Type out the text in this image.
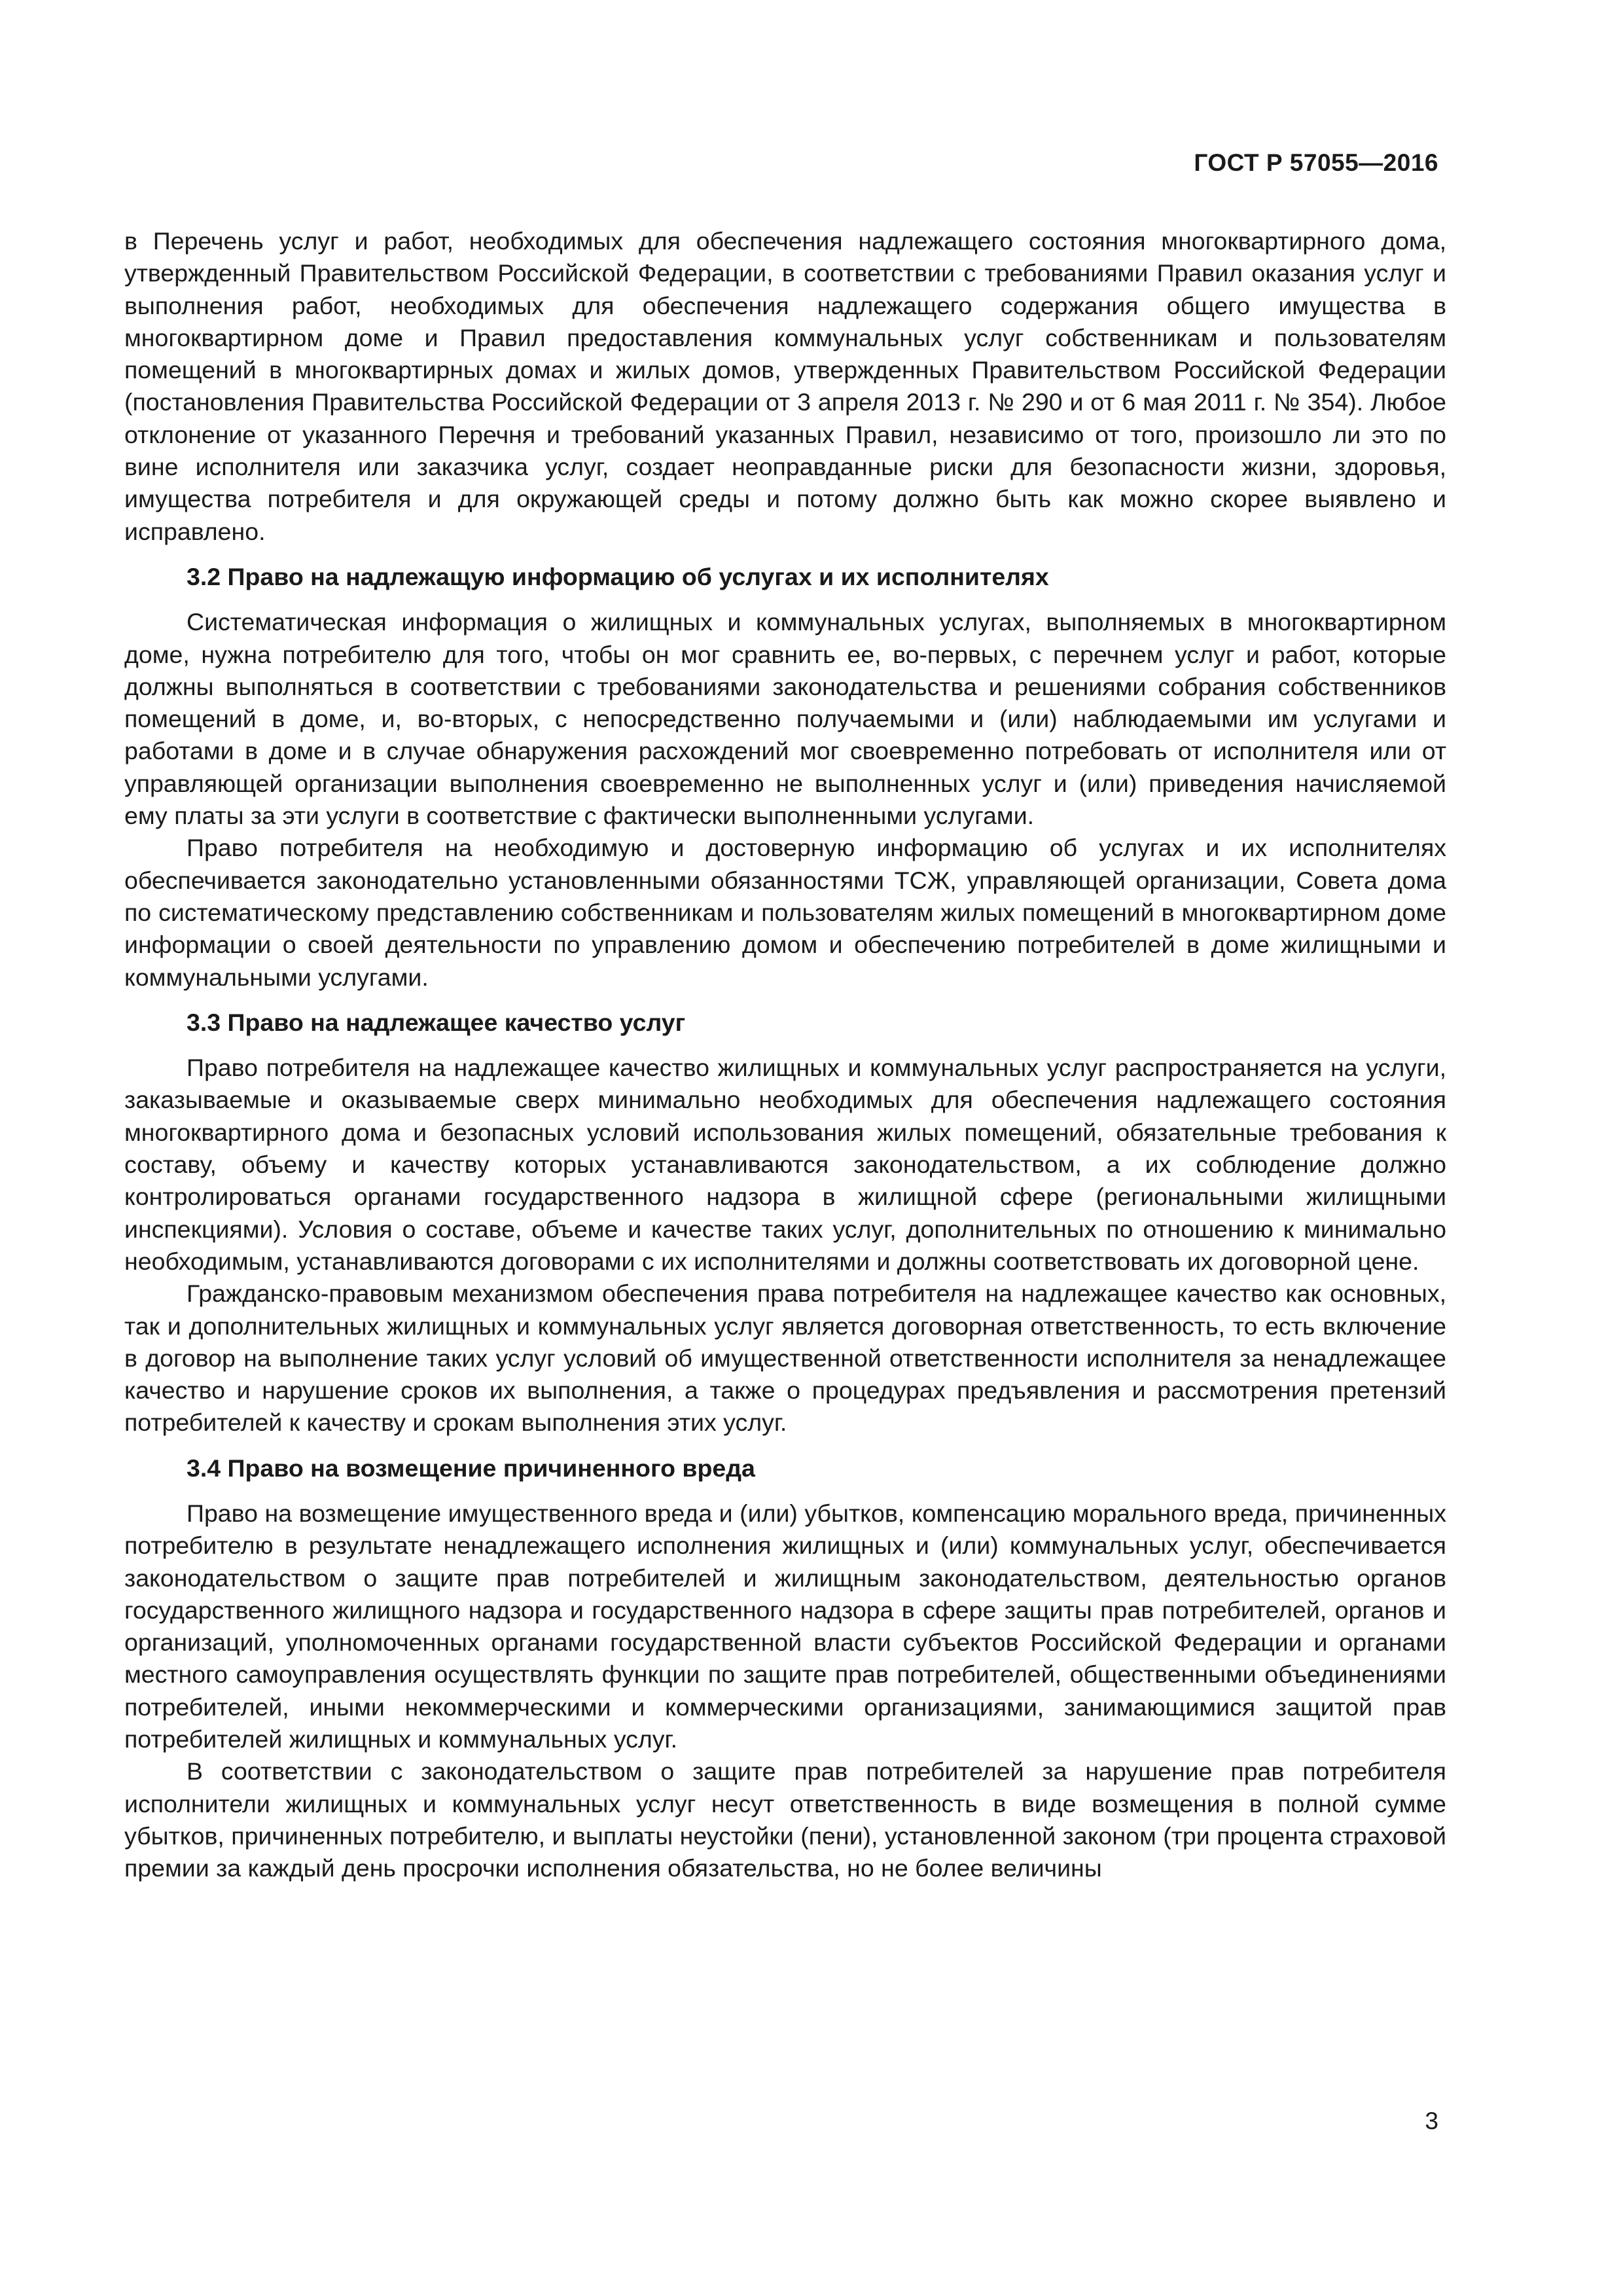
ГОСТ Р 57055—2016

в Перечень услуг и работ, необходимых для обеспечения надлежащего состояния многоквартирного дома, утвержденный Правительством Российской Федерации, в соответствии с требованиями Правил оказания услуг и выполнения работ, необходимых для обеспечения надлежащего содержания общего имущества в многоквартирном доме и Правил предоставления коммунальных услуг собственникам и пользователям помещений в многоквартирных домах и жилых домов, утвержденных Правительством Российской Федерации (постановления Правительства Российской Федерации от 3 апреля 2013 г. № 290 и от 6 мая 2011 г. № 354). Любое отклонение от указанного Перечня и требований указанных Правил, независимо от того, произошло ли это по вине исполнителя или заказчика услуг, создает неоправданные риски для безопасности жизни, здоровья, имущества потребителя и для окружающей среды и потому должно быть как можно скорее выявлено и исправлено.

3.2 Право на надлежащую информацию об услугах и их исполнителях

Систематическая информация о жилищных и коммунальных услугах, выполняемых в многоквартирном доме, нужна потребителю для того, чтобы он мог сравнить ее, во-первых, с перечнем услуг и работ, которые должны выполняться в соответствии с требованиями законодательства и решениями собрания собственников помещений в доме, и, во-вторых, с непосредственно получаемыми и (или) наблюдаемыми им услугами и работами в доме и в случае обнаружения расхождений мог своевременно потребовать от исполнителя или от управляющей организации выполнения своевременно не выполненных услуг и (или) приведения начисляемой ему платы за эти услуги в соответствие с фактически выполненными услугами.

Право потребителя на необходимую и достоверную информацию об услугах и их исполнителях обеспечивается законодательно установленными обязанностями ТСЖ, управляющей организации, Совета дома по систематическому представлению собственникам и пользователям жилых помещений в многоквартирном доме информации о своей деятельности по управлению домом и обеспечению потребителей в доме жилищными и коммунальными услугами.

3.3 Право на надлежащее качество услуг

Право потребителя на надлежащее качество жилищных и коммунальных услуг распространяется на услуги, заказываемые и оказываемые сверх минимально необходимых для обеспечения надлежащего состояния многоквартирного дома и безопасных условий использования жилых помещений, обязательные требования к составу, объему и качеству которых устанавливаются законодательством, а их соблюдение должно контролироваться органами государственного надзора в жилищной сфере (региональными жилищными инспекциями). Условия о составе, объеме и качестве таких услуг, дополнительных по отношению к минимально необходимым, устанавливаются договорами с их исполнителями и должны соответствовать их договорной цене.

Гражданско-правовым механизмом обеспечения права потребителя на надлежащее качество как основных, так и дополнительных жилищных и коммунальных услуг является договорная ответственность, то есть включение в договор на выполнение таких услуг условий об имущественной ответственности исполнителя за ненадлежащее качество и нарушение сроков их выполнения, а также о процедурах предъявления и рассмотрения претензий потребителей к качеству и срокам выполнения этих услуг.

3.4 Право на возмещение причиненного вреда

Право на возмещение имущественного вреда и (или) убытков, компенсацию морального вреда, причиненных потребителю в результате ненадлежащего исполнения жилищных и (или) коммунальных услуг, обеспечивается законодательством о защите прав потребителей и жилищным законодательством, деятельностью органов государственного жилищного надзора и государственного надзора в сфере защиты прав потребителей, органов и организаций, уполномоченных органами государственной власти субъектов Российской Федерации и органами местного самоуправления осуществлять функции по защите прав потребителей, общественными объединениями потребителей, иными некоммерческими и коммерческими организациями, занимающимися защитой прав потребителей жилищных и коммунальных услуг.

В соответствии с законодательством о защите прав потребителей за нарушение прав потребителя исполнители жилищных и коммунальных услуг несут ответственность в виде возмещения в полной сумме убытков, причиненных потребителю, и выплаты неустойки (пени), установленной законом (три процента страховой премии за каждый день просрочки исполнения обязательства, но не более величины

3
